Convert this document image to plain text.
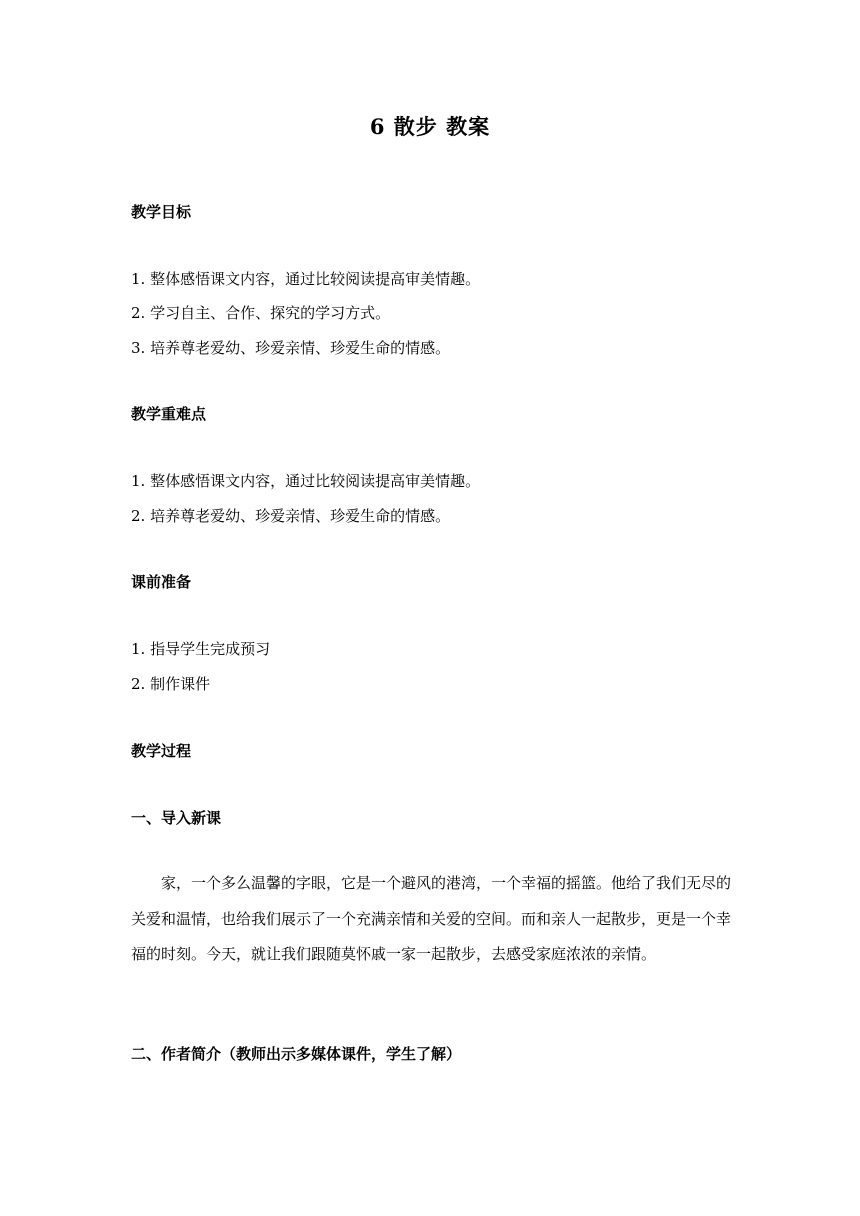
6 散步 教案
教学目标
1. 整体感悟课文内容，通过比较阅读提高审美情趣。
2. 学习自主、合作、探究的学习方式。
3. 培养尊老爱幼、珍爱亲情、珍爱生命的情感。
教学重难点
1. 整体感悟课文内容，通过比较阅读提高审美情趣。
2. 培养尊老爱幼、珍爱亲情、珍爱生命的情感。
课前准备
1. 指导学生完成预习
2. 制作课件
教学过程
一、导入新课

家，一个多么温馨的字眼，它是一个避风的港湾，一个幸福的摇篮。他给了我们无尽的关爱和温情，也给我们展示了一个充满亲情和关爱的空间。而和亲人一起散步，更是一个幸福的时刻。今天，就让我们跟随莫怀戚一家一起散步，去感受家庭浓浓的亲情。

二、作者简介（教师出示多媒体课件，学生了解）
